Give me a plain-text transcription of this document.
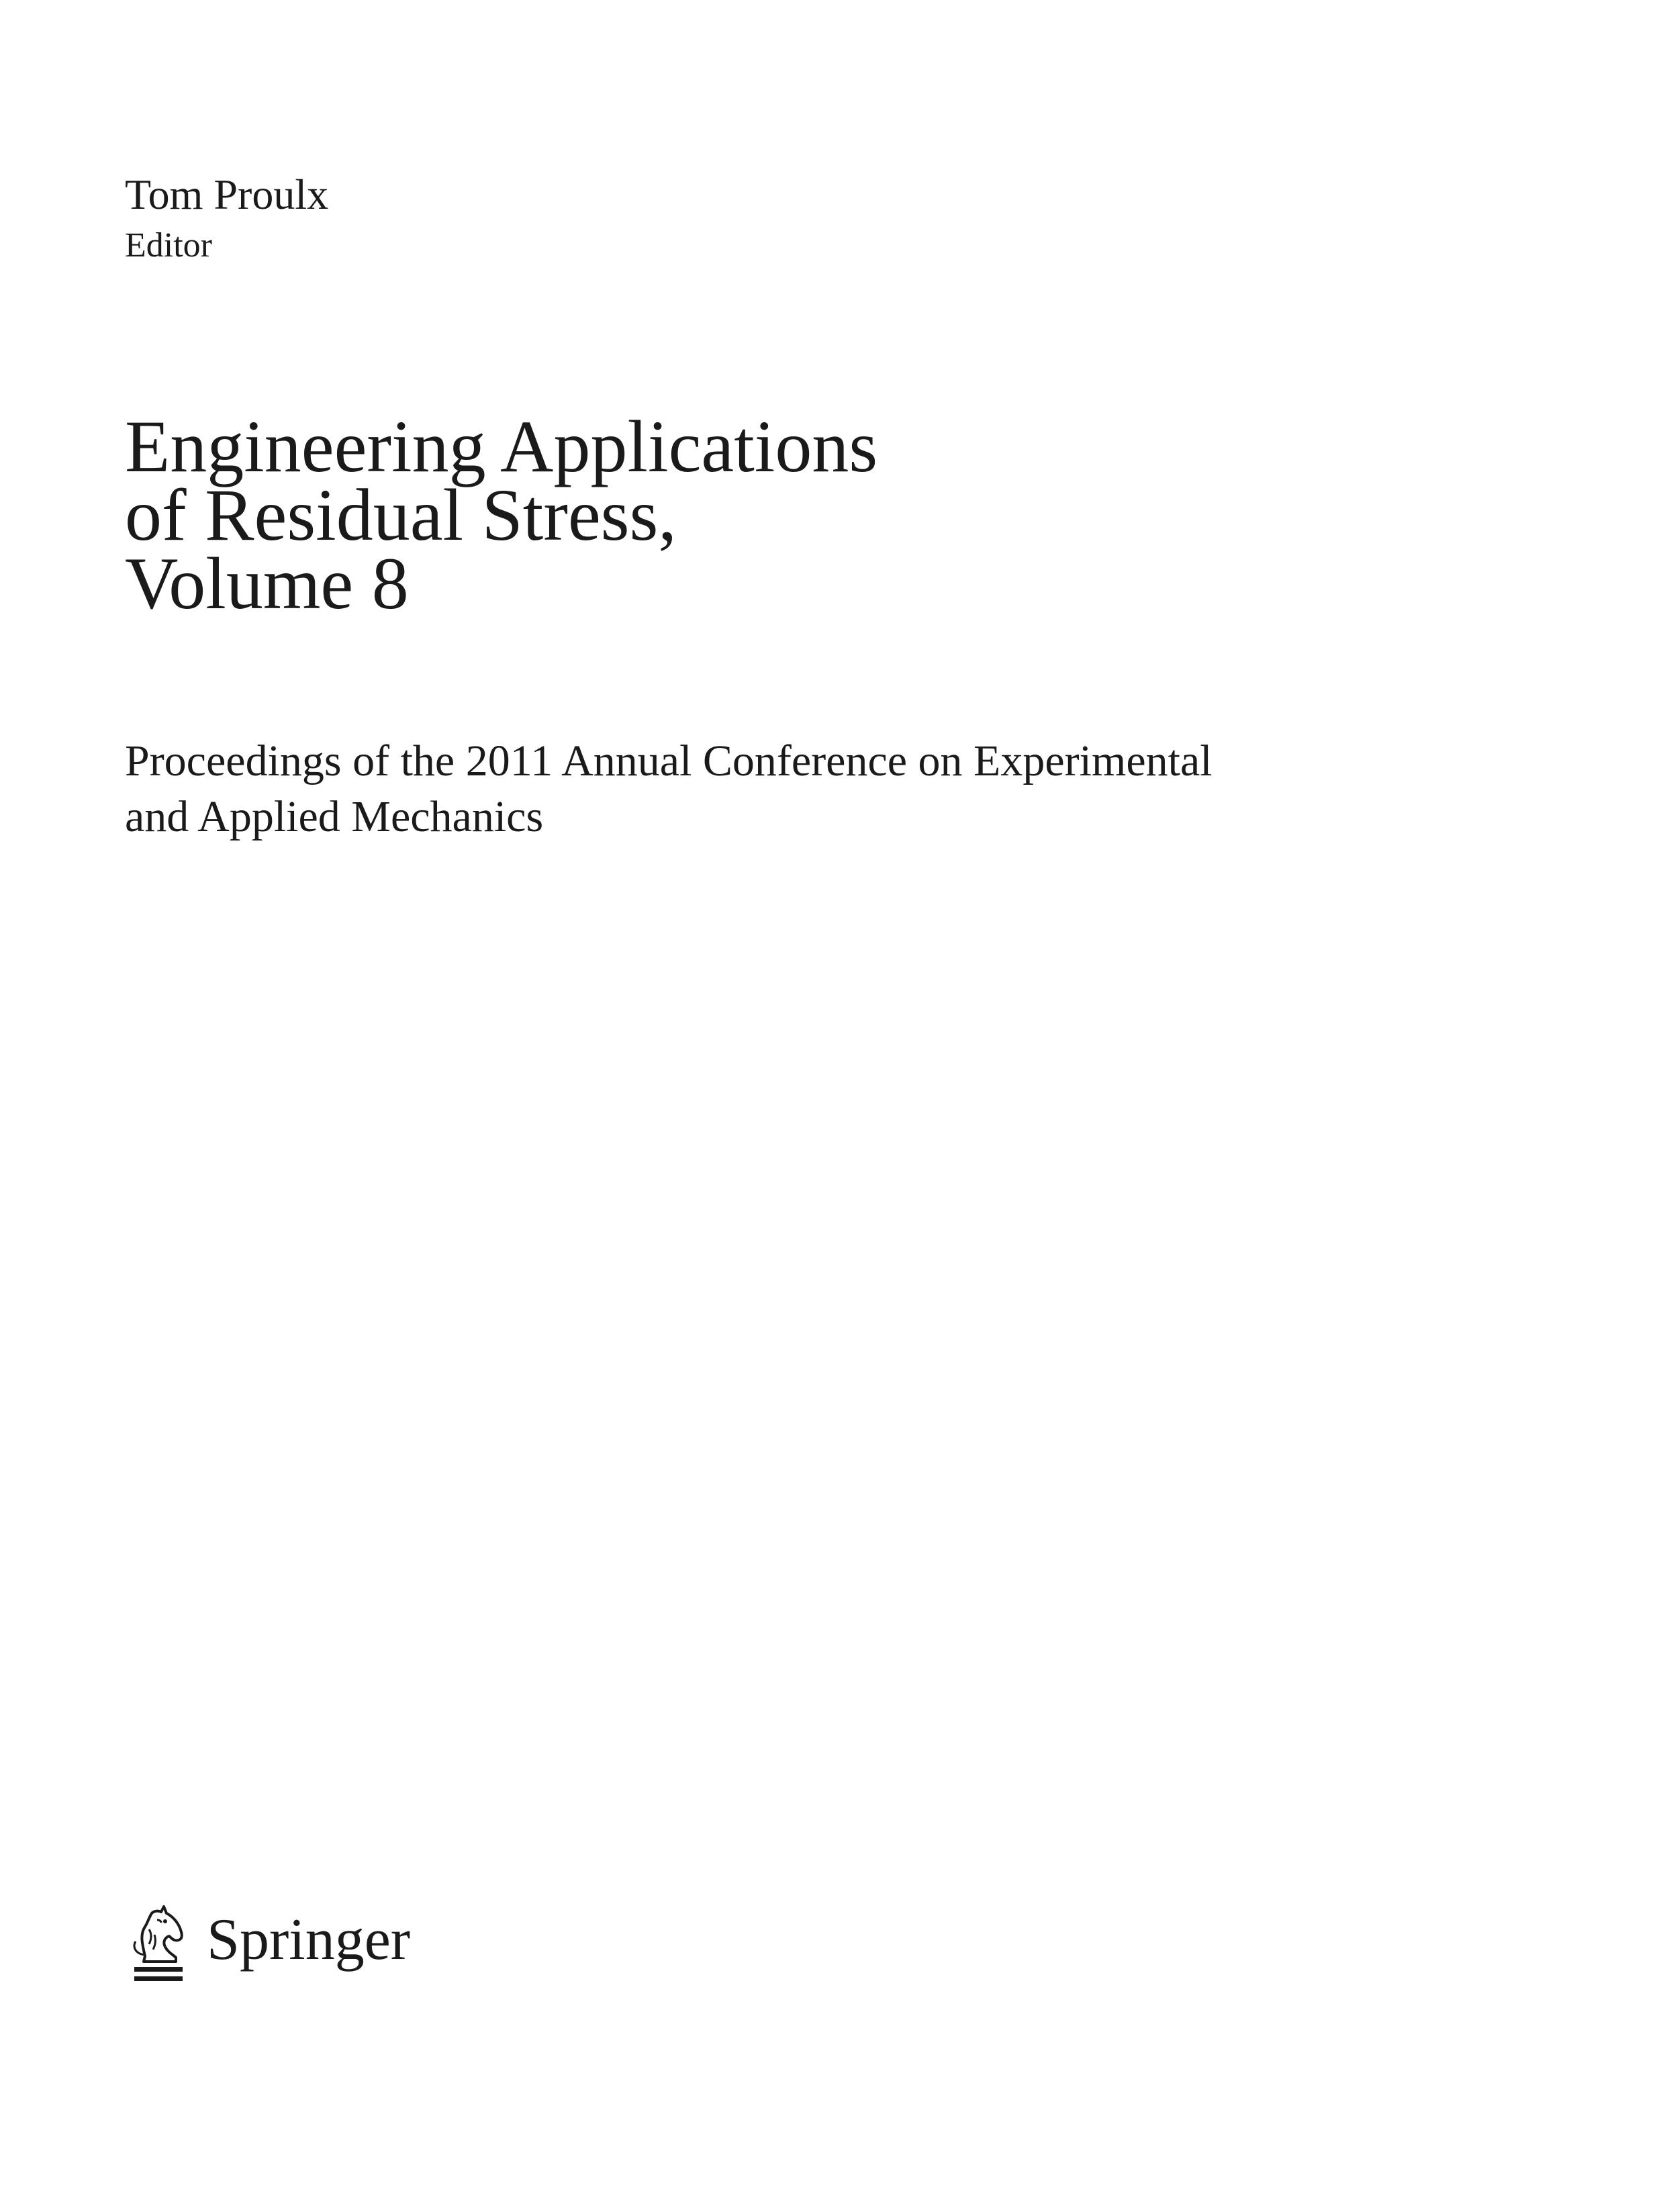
Tom Proulx
Editor
Engineering Applications
of Residual Stress,
Volume 8

Proceedings of the 2011 Annual Conference on Experimental
and Applied Mechanics

Springer
